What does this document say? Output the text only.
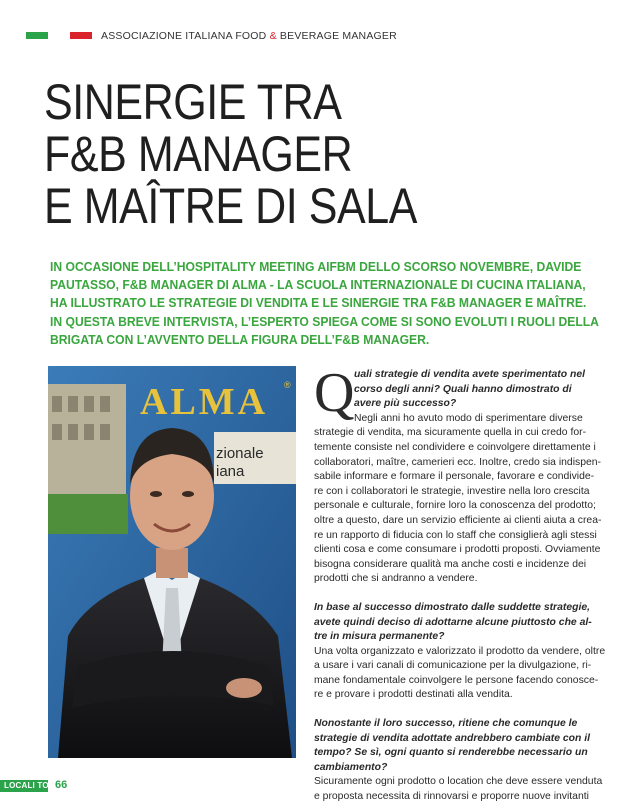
ASSOCIAZIONE ITALIANA FOOD & BEVERAGE MANAGER
SINERGIE TRA
F&B MANAGER
E MAÎTRE DI SALA
IN OCCASIONE DELL’HOSPITALITY MEETING AIFBM DELLO SCORSO NOVEMBRE, DAVIDE
PAUTASSO, F&B MANAGER DI ALMA - LA SCUOLA INTERNAZIONALE DI CUCINA ITALIANA,
HA ILLUSTRATO LE STRATEGIE DI VENDITA E LE SINERGIE TRA F&B MANAGER E MAÎTRE.
IN QUESTA BREVE INTERVISTA, L’ESPERTO SPIEGA COME SI SONO EVOLUTI I RUOLI DELLA
BRIGATA CON L’AVVENTO DELLA FIGURA DELL’F&B MANAGER.
ALMA ®
zionale
iana
Q uali strategie di vendita avete sperimentato nel
corso degli anni? Quali hanno dimostrato di
avere più successo?
Negli anni ho avuto modo di sperimentare diverse
strategie di vendita, ma sicuramente quella in cui credo for-
temente consiste nel condividere e coinvolgere direttamente i
collaboratori, maître, camerieri ecc. Inoltre, credo sia indispen-
sabile informare e formare il personale, favorare e condivide-
re con i collaboratori le strategie, investire nella loro crescita
personale e culturale, fornire loro la conoscenza del prodotto;
oltre a questo, dare un servizio efficiente ai clienti aiuta a crea-
re un rapporto di fiducia con lo staff che consiglierà agli stessi
clienti cosa e come consumare i prodotti proposti. Ovviamente
bisogna considerare qualità ma anche costi e incidenze dei
prodotti che si andranno a vendere.
In base al successo dimostrato dalle suddette strategie,
avete quindi deciso di adottarne alcune piuttosto che al-
tre in misura permanente?
Una volta organizzato e valorizzato il prodotto da vendere, oltre
a usare i vari canali di comunicazione per la divulgazione, ri-
mane fondamentale coinvolgere le persone facendo conosce-
re e provare i prodotti destinati alla vendita.
Nonostante il loro successo, ritiene che comunque le
strategie di vendita adottate andrebbero cambiate con il
tempo? Se sì, ogni quanto si renderebbe necessario un
cambiamento?
Sicuramente ogni prodotto o location che deve essere venduta
e proposta necessita di rinnovarsi e proporre nuove invitanti
LOCALI TOP 66
